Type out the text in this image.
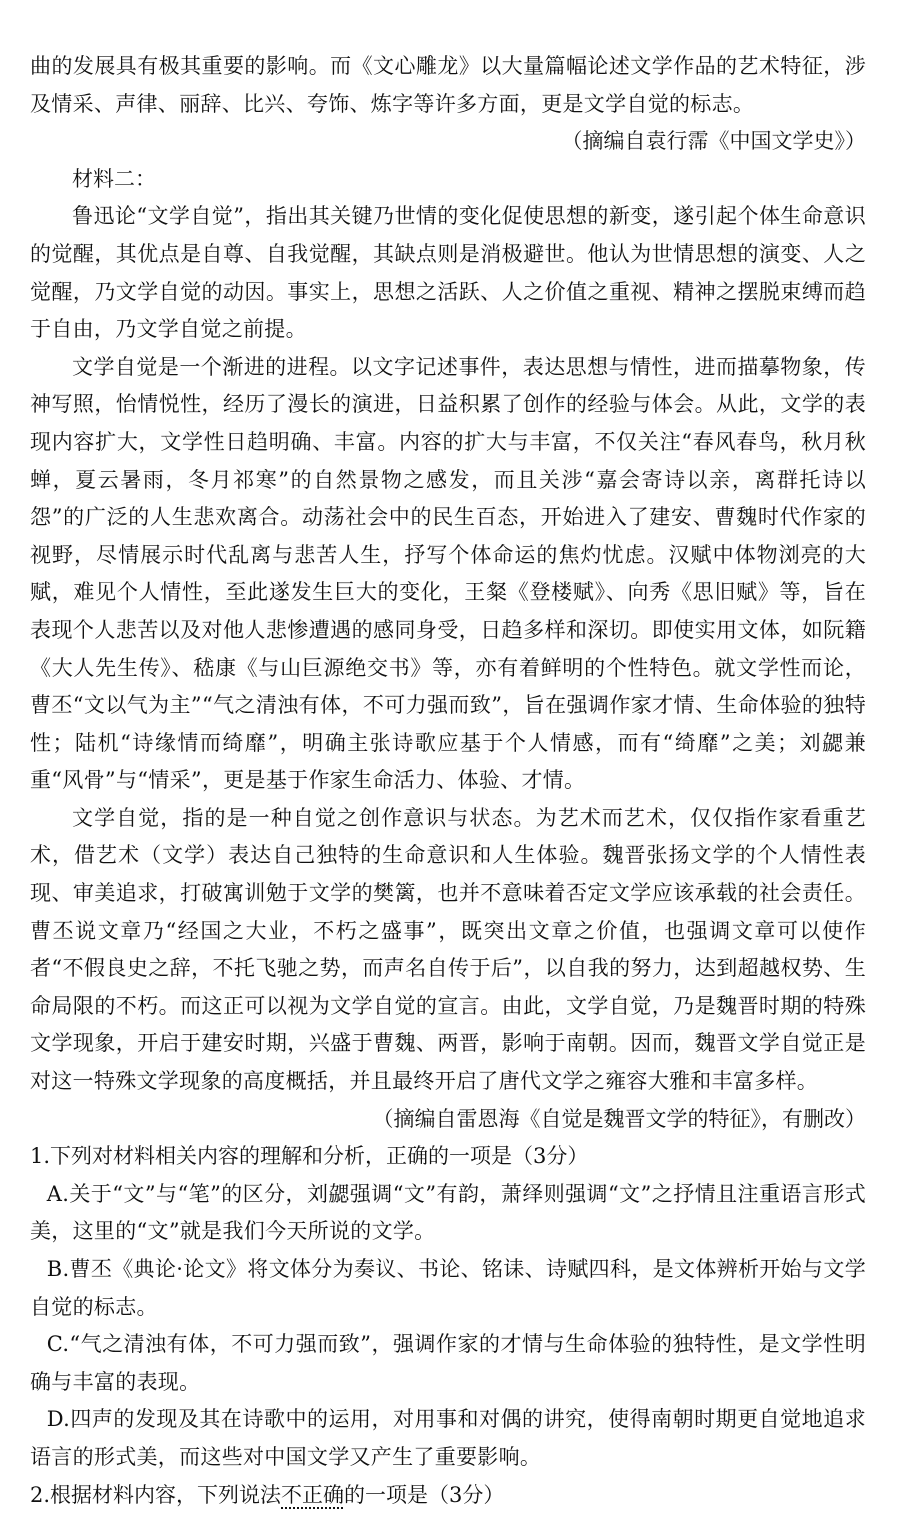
曲的发展具有极其重要的影响。而《文心雕龙》以大量篇幅论述文学作品的艺术特征，涉及情采、声律、丽辞、比兴、夸饰、炼字等许多方面，更是文学自觉的标志。

（摘编自袁行霈《中国文学史》）

材料二：

鲁迅论“文学自觉”，指出其关键乃世情的变化促使思想的新变，遂引起个体生命意识的觉醒，其优点是自尊、自我觉醒，其缺点则是消极避世。他认为世情思想的演变、人之觉醒，乃文学自觉的动因。事实上，思想之活跃、人之价值之重视、精神之摆脱束缚而趋于自由，乃文学自觉之前提。

文学自觉是一个渐进的进程。以文字记述事件，表达思想与情性，进而描摹物象，传神写照，怡情悦性，经历了漫长的演进，日益积累了创作的经验与体会。从此，文学的表现内容扩大，文学性日趋明确、丰富。内容的扩大与丰富，不仅关注“春风春鸟，秋月秋蝉，夏云暑雨，冬月祁寒”的自然景物之感发，而且关涉“嘉会寄诗以亲，离群托诗以怨”的广泛的人生悲欢离合。动荡社会中的民生百态，开始进入了建安、曹魏时代作家的视野，尽情展示时代乱离与悲苦人生，抒写个体命运的焦灼忧虑。汉赋中体物浏亮的大赋，难见个人情性，至此遂发生巨大的变化，王粲《登楼赋》、向秀《思旧赋》等，旨在表现个人悲苦以及对他人悲惨遭遇的感同身受，日趋多样和深切。即使实用文体，如阮籍《大人先生传》、嵇康《与山巨源绝交书》等，亦有着鲜明的个性特色。就文学性而论，曹丕“文以气为主”“气之清浊有体，不可力强而致”，旨在强调作家才情、生命体验的独特性；陆机“诗缘情而绮靡”，明确主张诗歌应基于个人情感，而有“绮靡”之美；刘勰兼重“风骨”与“情采”，更是基于作家生命活力、体验、才情。

文学自觉，指的是一种自觉之创作意识与状态。为艺术而艺术，仅仅指作家看重艺术，借艺术（文学）表达自己独特的生命意识和人生体验。魏晋张扬文学的个人情性表现、审美追求，打破寓训勉于文学的樊篱，也并不意味着否定文学应该承载的社会责任。曹丕说文章乃“经国之大业，不朽之盛事”，既突出文章之价值，也强调文章可以使作者“不假良史之辞，不托飞驰之势，而声名自传于后”，以自我的努力，达到超越权势、生命局限的不朽。而这正可以视为文学自觉的宣言。由此，文学自觉，乃是魏晋时期的特殊文学现象，开启于建安时期，兴盛于曹魏、两晋，影响于南朝。因而，魏晋文学自觉正是对这一特殊文学现象的高度概括，并且最终开启了唐代文学之雍容大雅和丰富多样。

（摘编自雷恩海《自觉是魏晋文学的特征》，有删改）

1.下列对材料相关内容的理解和分析，正确的一项是（3分）

A.关于“文”与“笔”的区分，刘勰强调“文”有韵，萧绎则强调“文”之抒情且注重语言形式美，这里的“文”就是我们今天所说的文学。

B.曹丕《典论·论文》将文体分为奏议、书论、铭诔、诗赋四科，是文体辨析开始与文学自觉的标志。

C.“气之清浊有体，不可力强而致”，强调作家的才情与生命体验的独特性，是文学性明确与丰富的表现。

D.四声的发现及其在诗歌中的运用，对用事和对偶的讲究，使得南朝时期更自觉地追求语言的形式美，而这些对中国文学又产生了重要影响。

2.根据材料内容，下列说法不正确的一项是（3分）
